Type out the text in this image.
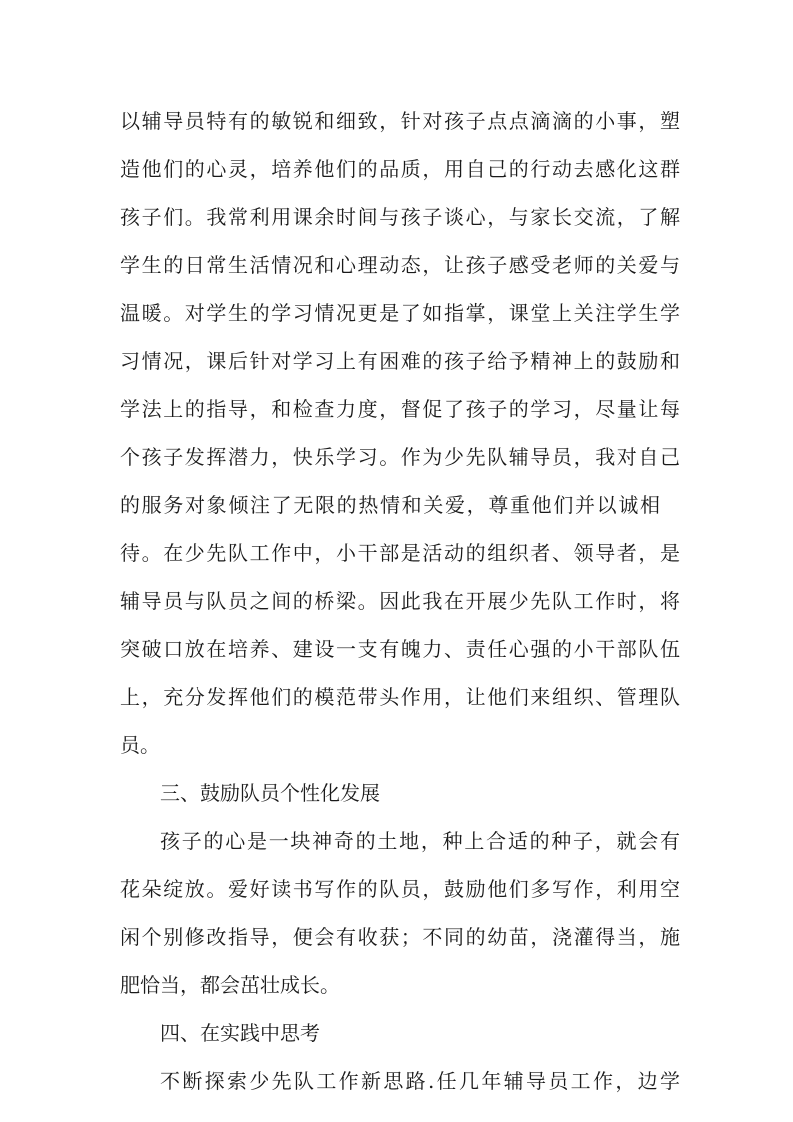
以辅导员特有的敏锐和细致，针对孩子点点滴滴的小事，塑
造他们的心灵，培养他们的品质，用自己的行动去感化这群
孩子们。我常利用课余时间与孩子谈心，与家长交流，了解
学生的日常生活情况和心理动态，让孩子感受老师的关爱与
温暖。对学生的学习情况更是了如指掌，课堂上关注学生学
习情况，课后针对学习上有困难的孩子给予精神上的鼓励和
学法上的指导，和检查力度，督促了孩子的学习，尽量让每
个孩子发挥潜力，快乐学习。作为少先队辅导员，我对自己
的服务对象倾注了无限的热情和关爱，尊重他们并以诚相
待。在少先队工作中，小干部是活动的组织者、领导者，是
辅导员与队员之间的桥梁。因此我在开展少先队工作时，将
突破口放在培养、建设一支有魄力、责任心强的小干部队伍
上，充分发挥他们的模范带头作用，让他们来组织、管理队
员。
三、鼓励队员个性化发展
孩子的心是一块神奇的土地，种上合适的种子，就会有
花朵绽放。爱好读书写作的队员，鼓励他们多写作，利用空
闲个别修改指导，便会有收获；不同的幼苗，浇灌得当，施
肥恰当，都会茁壮成长。
四、在实践中思考
不断探索少先队工作新思路.任几年辅导员工作，边学
